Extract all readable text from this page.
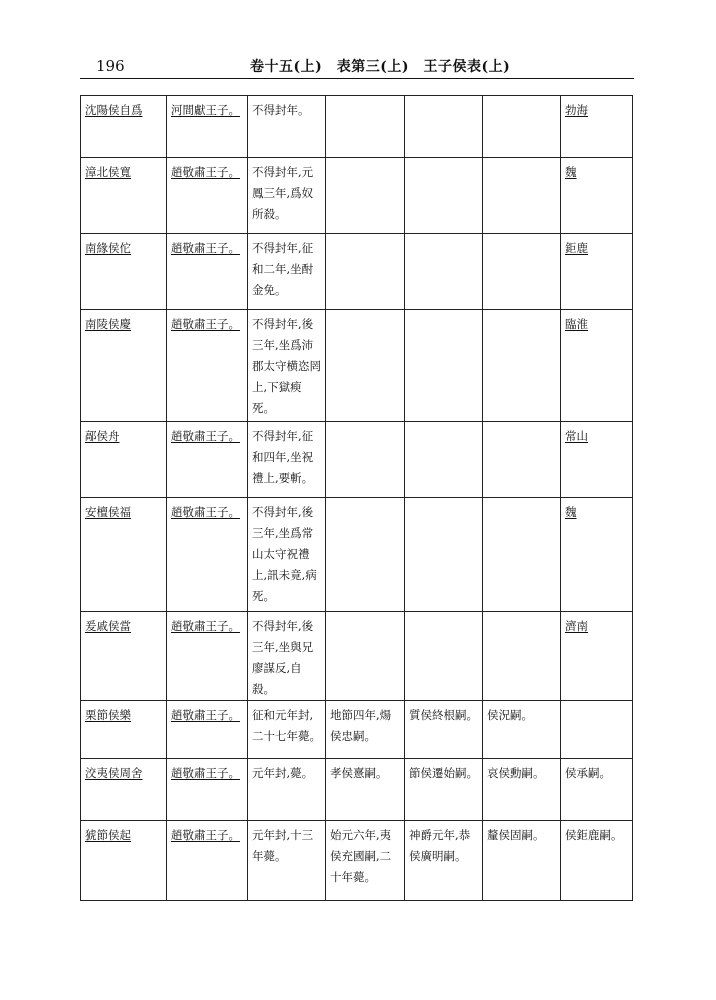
196	卷十五(上)　表第三(上)　王子侯表(上)
沈陽侯自爲	河間獻王子。	不得封年。				勃海
漳北侯寬	趙敬肅王子。	不得封年,元鳳三年,爲奴所殺。				魏
南緣侯佗	趙敬肅王子。	不得封年,征和二年,坐酎金免。				鉅鹿
南陵侯慶	趙敬肅王子。	不得封年,後三年,坐爲沛郡太守横恣罔上,下獄瘐死。				臨淮
鄗侯舟	趙敬肅王子。	不得封年,征和四年,坐祝禮上,要斬。				常山
安檀侯福	趙敬肅王子。	不得封年,後三年,坐爲常山太守祝禮上,訊未竟,病死。				魏
爰戚侯當	趙敬肅王子。	不得封年,後三年,坐與兄廖謀反,自殺。				濟南
栗節侯樂	趙敬肅王子。	征和元年封,二十七年薨。	地節四年,煬侯忠嗣。	質侯終根嗣。	侯況嗣。	
洨夷侯周舍	趙敬肅王子。	元年封,薨。	孝侯憙嗣。	節侯遷始嗣。	哀侯勳嗣。	侯承嗣。
猇節侯起	趙敬肅王子。	元年封,十三年薨。	始元六年,夷侯充國嗣,二十年薨。	神爵元年,恭侯廣明嗣。	釐侯固嗣。	侯鉅鹿嗣。
